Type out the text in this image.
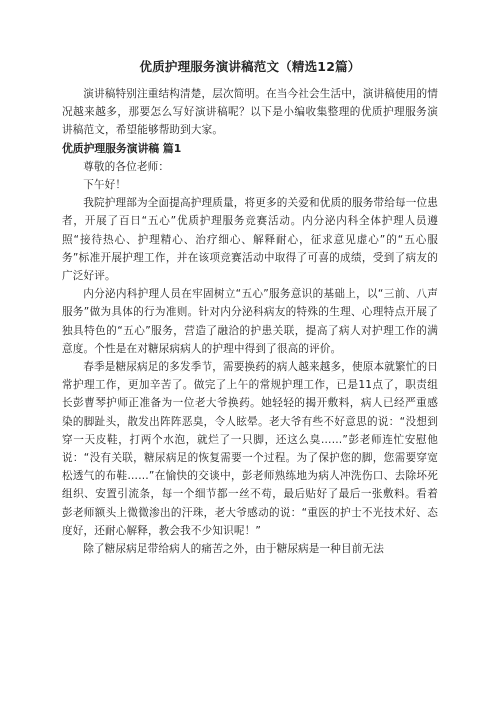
优质护理服务演讲稿范文（精选12篇）

演讲稿特别注重结构清楚，层次简明。在当今社会生活中，演讲稿使用的情况越来越多，那要怎么写好演讲稿呢？以下是小编收集整理的优质护理服务演讲稿范文，希望能够帮助到大家。

优质护理服务演讲稿 篇1

尊敬的各位老师：

下午好！

我院护理部为全面提高护理质量，将更多的关爱和优质的服务带给每一位患者，开展了百日“五心”优质护理服务竞赛活动。内分泌内科全体护理人员遵照“接待热心、护理精心、治疗细心、解释耐心，征求意见虚心”的“五心服务”标准开展护理工作，并在该项竞赛活动中取得了可喜的成绩，受到了病友的广泛好评。

内分泌内科护理人员在牢固树立“五心”服务意识的基础上，以“三前、八声服务”做为具体的行为准则。针对内分泌科病友的特殊的生理、心理特点开展了独具特色的“五心”服务，营造了融洽的护患关联，提高了病人对护理工作的满意度。个性是在对糖尿病病人的护理中得到了很高的评价。

春季是糖尿病足的多发季节，需要换药的病人越来越多，使原本就繁忙的日常护理工作，更加辛苦了。做完了上午的常规护理工作，已是11点了，职责组长彭曹琴护师正准备为一位老大爷换药。她轻轻的揭开敷料，病人已经严重感染的脚趾头，散发出阵阵恶臭，令人眩晕。老大爷有些不好意思的说：“没想到穿一天皮鞋，打两个水泡，就烂了一只脚，还这么臭……”彭老师连忙安慰他说：“没有关联，糖尿病足的恢复需要一个过程。为了保护您的脚，您需要穿宽松透气的布鞋……”在愉快的交谈中，彭老师熟练地为病人冲洗伤口、去除坏死组织、安置引流条，每一个细节都一丝不苟，最后贴好了最后一张敷料。看着彭老师额头上微微渗出的汗珠，老大爷感动的说：“重医的护士不光技术好、态度好，还耐心解释，教会我不少知识呢！”

除了糖尿病足带给病人的痛苦之外，由于糖尿病是一种目前无法
